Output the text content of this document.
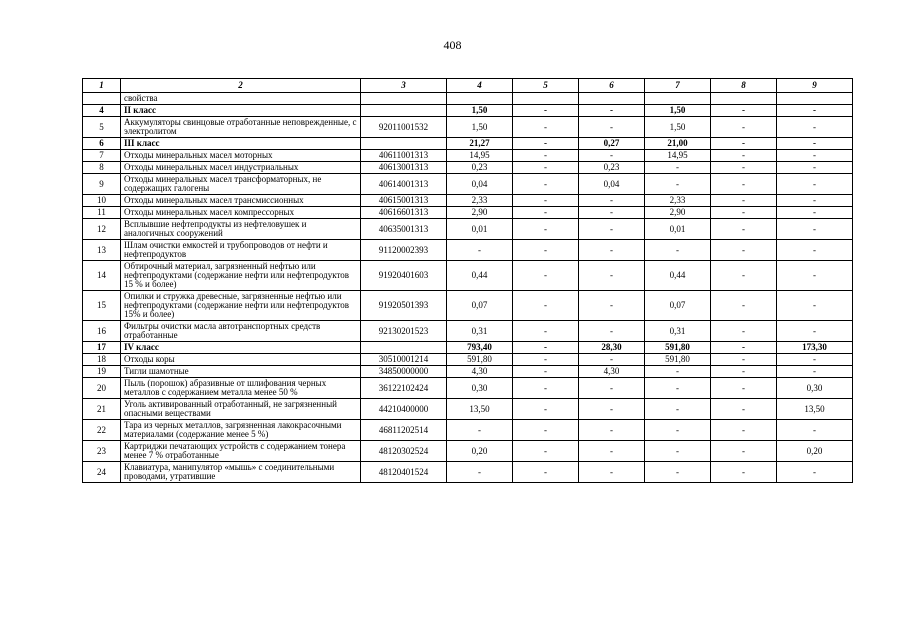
408
1	2	3	4	5	6	7	8	9
	свойства							
4	II класс		1,50	-	-	1,50	-	-
5	Аккумуляторы свинцовые отработанные неповрежденные, с электролитом	92011001532	1,50	-	-	1,50	-	-
6	III класс		21,27	-	0,27	21,00	-	-
7	Отходы минеральных масел моторных	40611001313	14,95	-	-	14,95	-	-
8	Отходы минеральных масел индустриальных	40613001313	0,23	-	0,23	-	-	-
9	Отходы минеральных масел трансформаторных, не содержащих галогены	40614001313	0,04	-	0,04	-	-	-
10	Отходы минеральных масел трансмиссионных	40615001313	2,33	-	-	2,33	-	-
11	Отходы минеральных масел компрессорных	40616601313	2,90	-	-	2,90	-	-
12	Всплывшие нефтепродукты из нефтеловушек и аналогичных сооружений	40635001313	0,01	-	-	0,01	-	-
13	Шлам очистки емкостей и трубопроводов от нефти и нефтепродуктов	91120002393	-	-	-	-	-	-
14	Обтирочный материал, загрязненный нефтью или нефтепродуктами (содержание нефти или нефтепродуктов 15 % и более)	91920401603	0,44	-	-	0,44	-	-
15	Опилки и стружка древесные, загрязненные нефтью или нефтепродуктами (содержание нефти или нефтепродуктов 15% и более)	91920501393	0,07	-	-	0,07	-	-
16	Фильтры очистки масла автотранспортных средств отработанные	92130201523	0,31	-	-	0,31	-	-
17	IV класс		793,40	-	28,30	591,80	-	173,30
18	Отходы коры	30510001214	591,80	-	-	591,80	-	-
19	Тигли шамотные	34850000000	4,30	-	4,30	-	-	-
20	Пыль (порошок) абразивные от шлифования черных металлов с содержанием металла менее 50 %	36122102424	0,30	-	-	-	-	0,30
21	Уголь активированный отработанный, не загрязненный опасными веществами	44210400000	13,50	-	-	-	-	13,50
22	Тара из черных металлов, загрязненная лакокрасочными материалами (содержание менее 5 %)	46811202514	-	-	-	-	-	-
23	Картриджи печатающих устройств с содержанием тонера менее 7 % отработанные	48120302524	0,20	-	-	-	-	0,20
24	Клавиатура, манипулятор «мышь» с соединительными проводами, утратившие	48120401524	-	-	-	-	-	-
